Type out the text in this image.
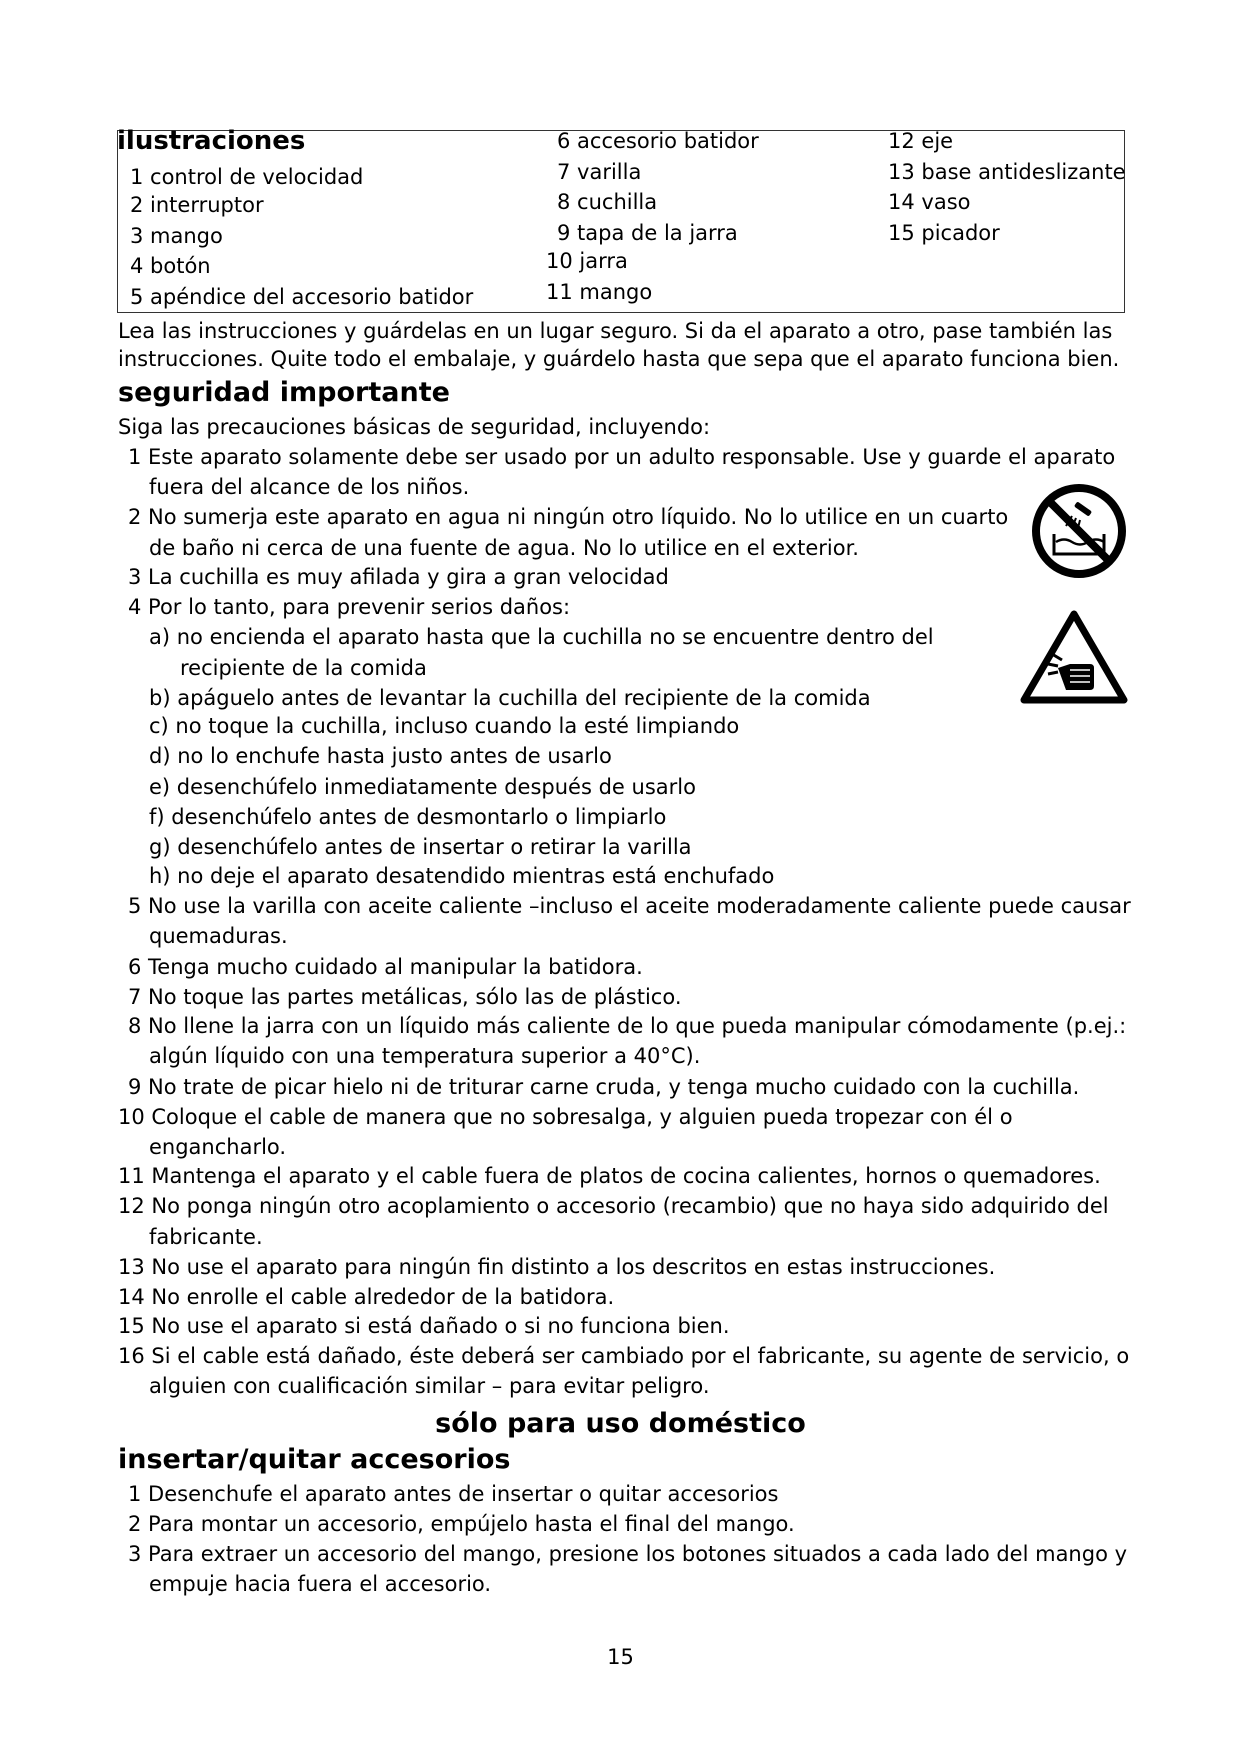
ilustraciones
1 control de velocidad
2 interruptor
3 mango
4 botón
5 apéndice del accesorio batidor
6 accesorio batidor
7 varilla
8 cuchilla
9 tapa de la jarra
10 jarra
11 mango
12 eje
13 base antideslizante
14 vaso
15 picador
Lea las instrucciones y guárdelas en un lugar seguro. Si da el aparato a otro, pase también las
instrucciones. Quite todo el embalaje, y guárdelo hasta que sepa que el aparato funciona bien.
seguridad importante
Siga las precauciones básicas de seguridad, incluyendo:
1 Este aparato solamente debe ser usado por un adulto responsable. Use y guarde el aparato
fuera del alcance de los niños.
2 No sumerja este aparato en agua ni ningún otro líquido. No lo utilice en un cuarto
de baño ni cerca de una fuente de agua. No lo utilice en el exterior.
3 La cuchilla es muy afilada y gira a gran velocidad
4 Por lo tanto, para prevenir serios daños:
a) no encienda el aparato hasta que la cuchilla no se encuentre dentro del
recipiente de la comida
b) apáguelo antes de levantar la cuchilla del recipiente de la comida
c) no toque la cuchilla, incluso cuando la esté limpiando
d) no lo enchufe hasta justo antes de usarlo
e) desenchúfelo inmediatamente después de usarlo
f) desenchúfelo antes de desmontarlo o limpiarlo
g) desenchúfelo antes de insertar o retirar la varilla
h) no deje el aparato desatendido mientras está enchufado
5 No use la varilla con aceite caliente –incluso el aceite moderadamente caliente puede causar
quemaduras.
6 Tenga mucho cuidado al manipular la batidora.
7 No toque las partes metálicas, sólo las de plástico.
8 No llene la jarra con un líquido más caliente de lo que pueda manipular cómodamente (p.ej.:
algún líquido con una temperatura superior a 40°C).
9 No trate de picar hielo ni de triturar carne cruda, y tenga mucho cuidado con la cuchilla.
10 Coloque el cable de manera que no sobresalga, y alguien pueda tropezar con él o
engancharlo.
11 Mantenga el aparato y el cable fuera de platos de cocina calientes, hornos o quemadores.
12 No ponga ningún otro acoplamiento o accesorio (recambio) que no haya sido adquirido del
fabricante.
13 No use el aparato para ningún fin distinto a los descritos en estas instrucciones.
14 No enrolle el cable alrededor de la batidora.
15 No use el aparato si está dañado o si no funciona bien.
16 Si el cable está dañado, éste deberá ser cambiado por el fabricante, su agente de servicio, o
alguien con cualificación similar – para evitar peligro.
sólo para uso doméstico
insertar/quitar accesorios
1 Desenchufe el aparato antes de insertar o quitar accesorios
2 Para montar un accesorio, empújelo hasta el final del mango.
3 Para extraer un accesorio del mango, presione los botones situados a cada lado del mango y
empuje hacia fuera el accesorio.
15
